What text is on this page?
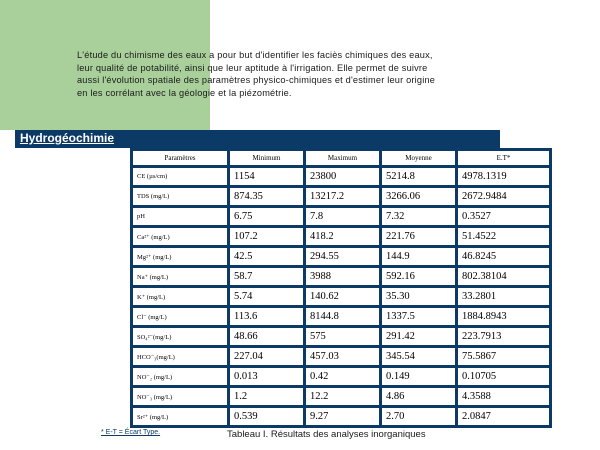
L'étude du chimisme des eaux a pour but d'identifier les faciès chimiques des eaux,
leur qualité de potabilité, ainsi que leur aptitude à l'irrigation. Elle permet de suivre
aussi l'évolution spatiale des paramètres physico-chimiques et d'estimer leur origine
en les corrélant avec la géologie et la piézométrie.
Hydrogéochimie
Paramètres	Minimum	Maximum	Moyenne	E.T*
CE (µs/cm)	1154	23800	5214.8	4978.1319
TDS (mg/L)	874.35	13217.2	3266.06	2672.9484
pH	6.75	7.8	7.32	0.3527
Ca²⁺ (mg/L)	107.2	418.2	221.76	51.4522
Mg²⁺ (mg/L)	42.5	294.55	144.9	46.8245
Na⁺ (mg/L)	58.7	3988	592.16	802.38104
K⁺ (mg/L)	5.74	140.62	35.30	33.2801
Cl⁻ (mg/L)	113.6	8144.8	1337.5	1884.8943
SO₄²⁻(mg/L)	48.66	575	291.42	223.7913
HCO⁻₃(mg/L)	227.04	457.03	345.54	75.5867
NO⁻₂ (mg/L)	0.013	0.42	0.149	0.10705
NO⁻₃ (mg/L)	1.2	12.2	4.86	4.3588
Sr²⁺ (mg/L)	0.539	9.27	2.70	2.0847
* E-T = Écart Type.	Tableau I. Résultats des analyses inorganiques
